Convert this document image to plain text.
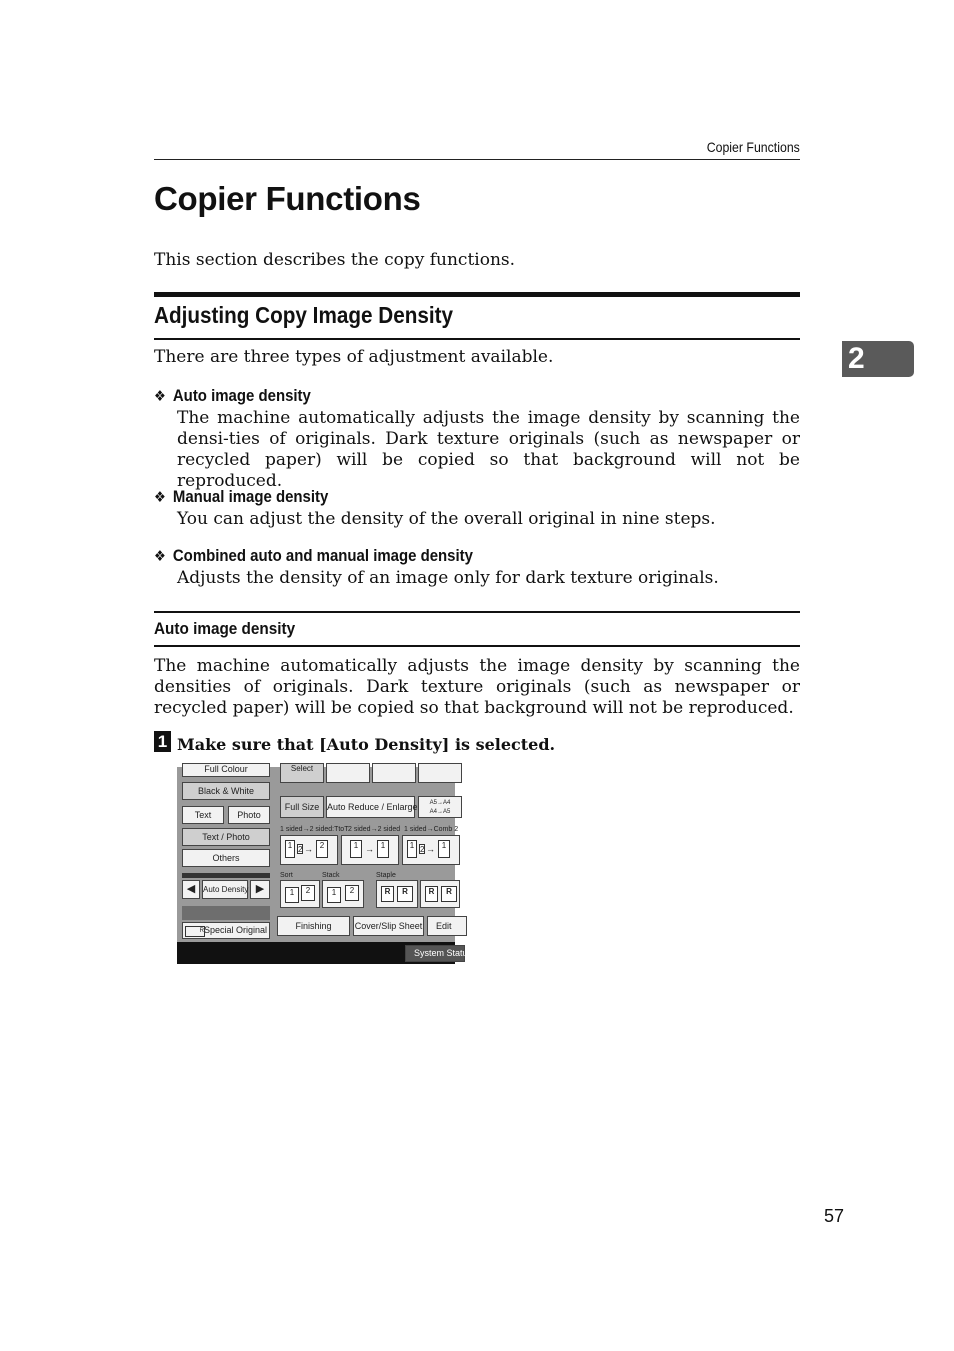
Copier Functions
Copier Functions
This section describes the copy functions.
Adjusting Copy Image Density
There are three types of adjustment available.
❖ Auto image density
The machine automatically adjusts the image density by scanning the densi-ties of originals. Dark texture originals (such as newspaper or recycled paper) will be copied so that background will not be reproduced.
❖ Manual image density
You can adjust the density of the overall original in nine steps.
❖ Combined auto and manual image density
Adjusts the density of an image only for dark texture originals.
Auto image density
The machine automatically adjusts the image density by scanning the densities of originals. Dark texture originals (such as newspaper or recycled paper) will be copied so that background will not be reproduced.
1 Make sure that [Auto Density] is selected.
Full Colour
Black & White
Text	Photo
Text / Photo
Others
◀ Auto Density ▶
R Special Original
Select
Full Size Auto Reduce / Enlarge	A5→A4
A4→A5
1 sided→2 sided:TtoT 2 sided→2 sided 1 sided→Comb 2
1 2 → 2	1 → 1	1 2 → 1
Sort	Stack	Staple
1	2	1	2	R	R	R	R
Finishing	Cover/Slip Sheet	Edit
System Status
2
57
